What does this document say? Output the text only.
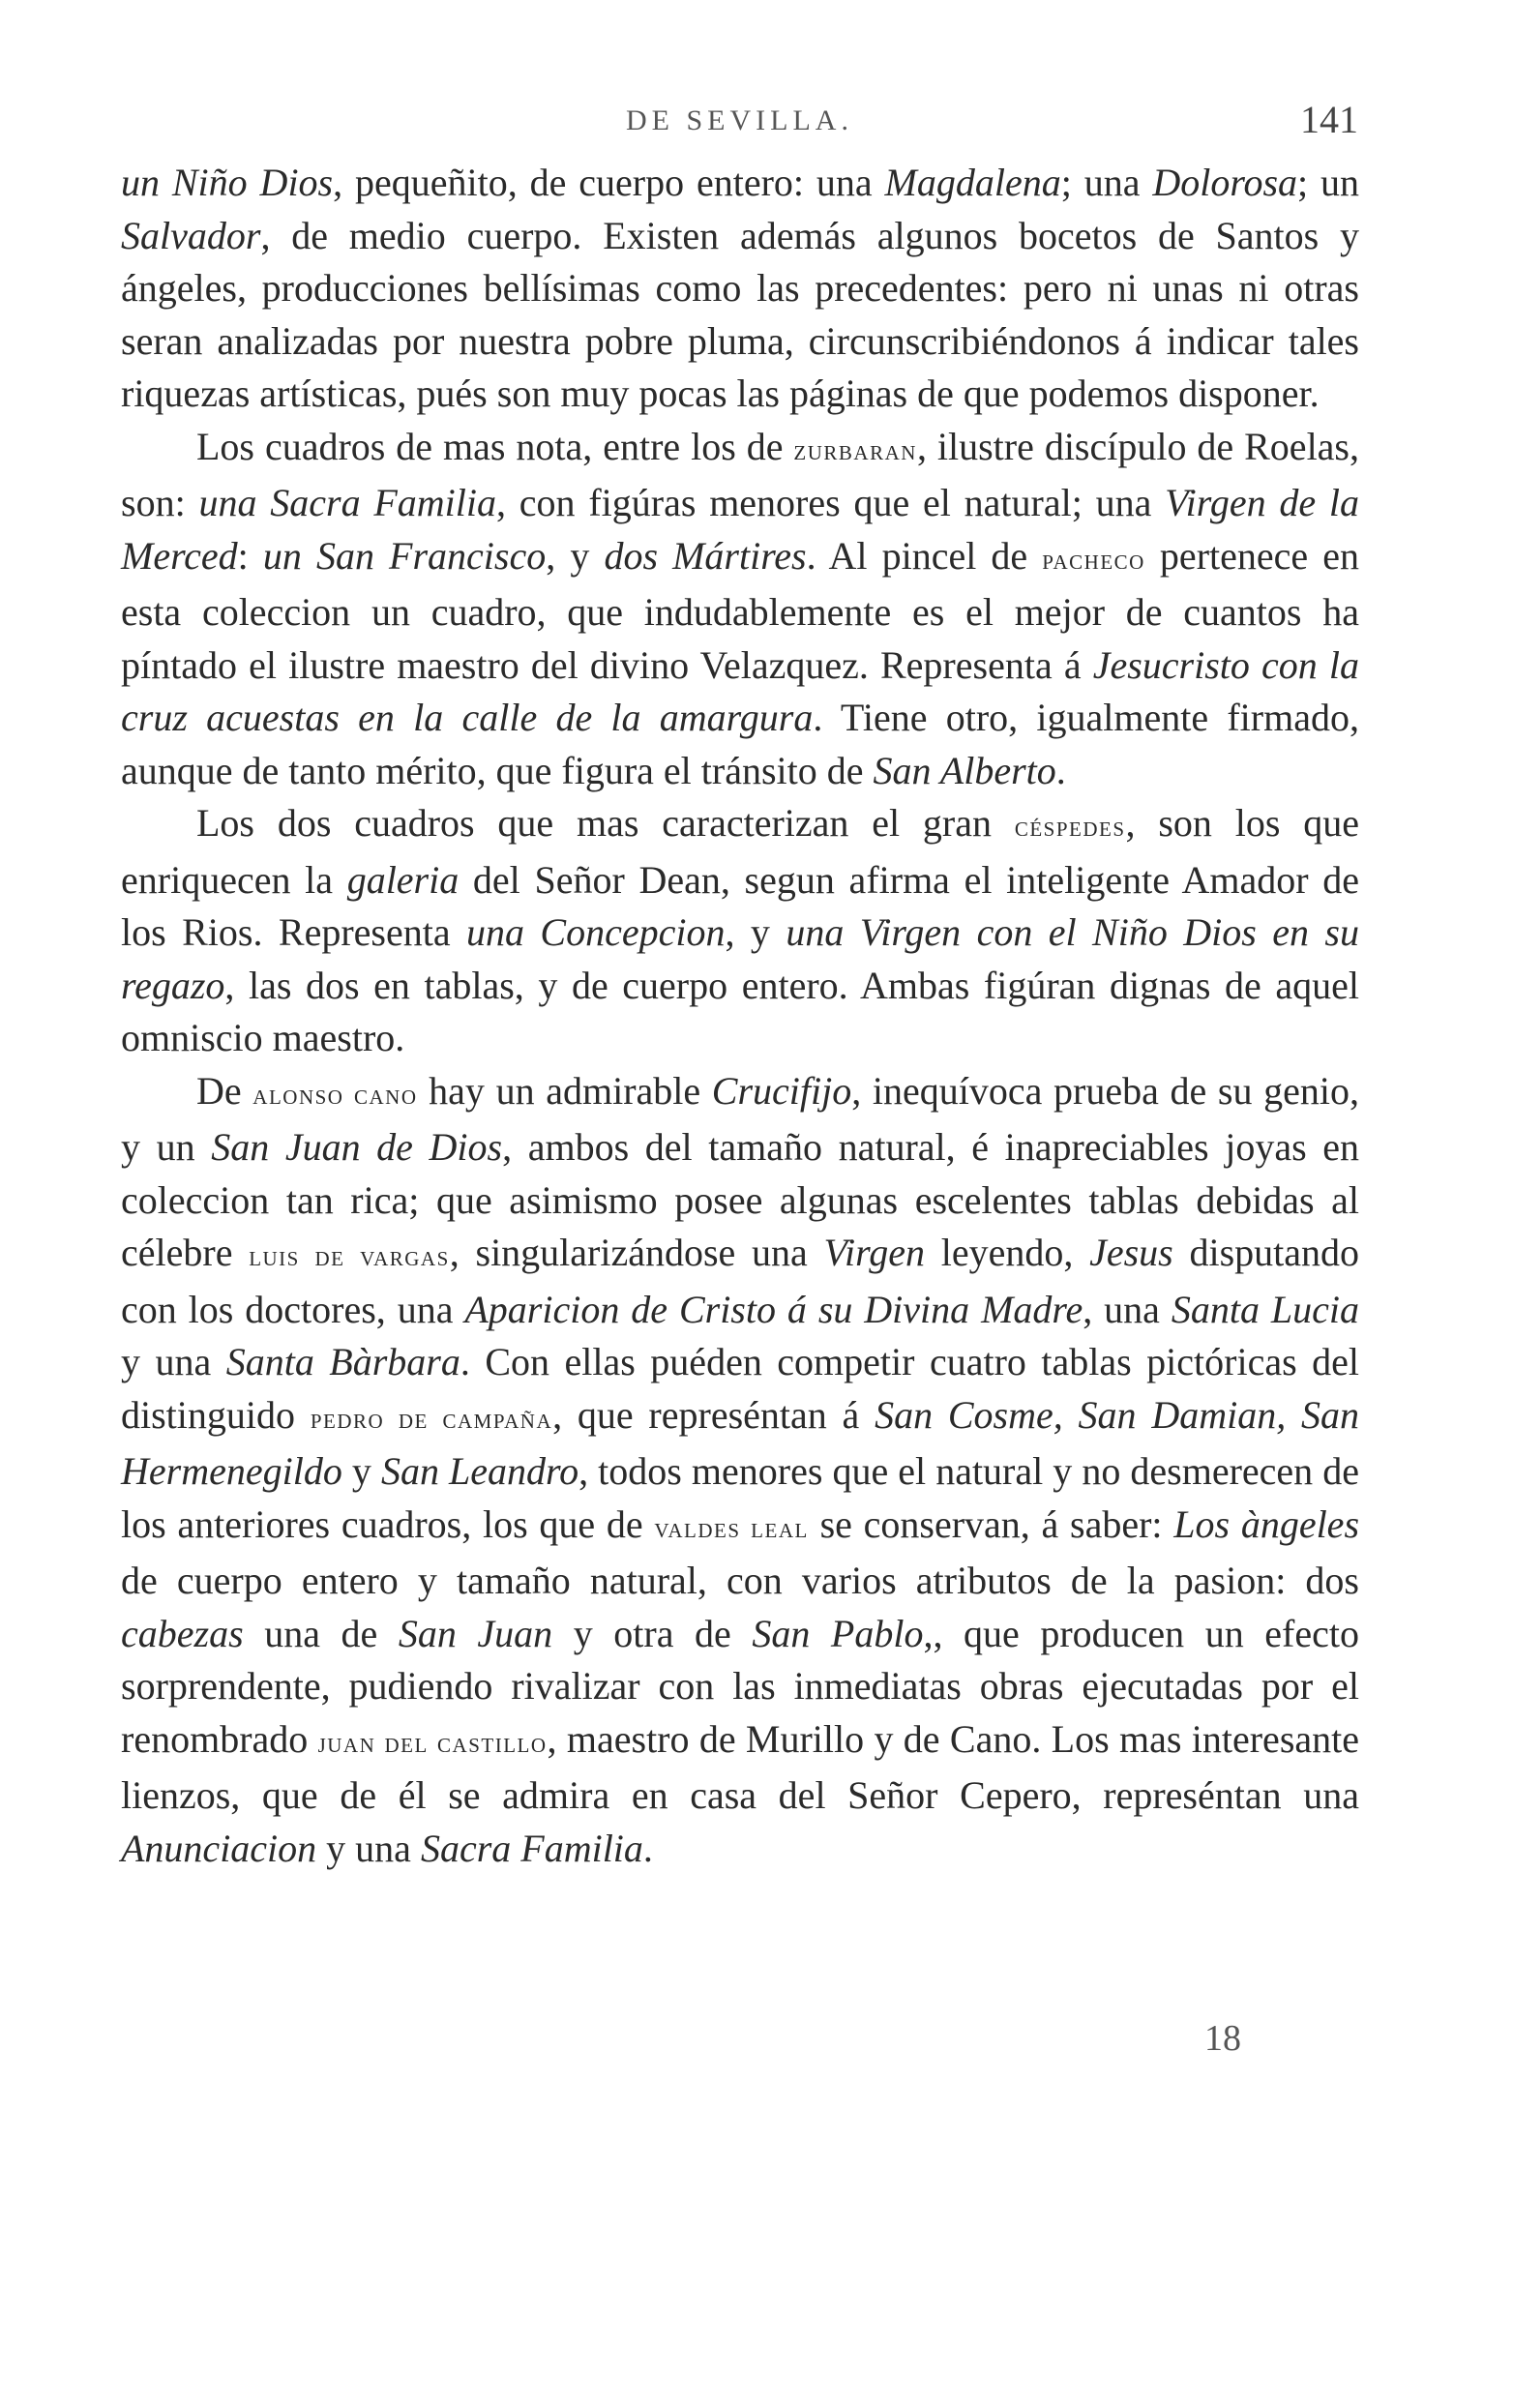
DE SEVILLA.	141

un Niño Dios, pequeñito, de cuerpo entero: una Magdalena; una Dolorosa; un Salvador, de medio cuerpo. Existen además algunos bocetos de Santos y ángeles, producciones bellísimas como las precedentes: pero ni unas ni otras seran analizadas por nuestra pobre pluma, circunscribiéndonos á indicar tales riquezas artísticas, pués son muy pocas las páginas de que podemos disponer.

Los cuadros de mas nota, entre los de zurbaran, ilustre discípulo de Roelas, son: una Sacra Familia, con figúras menores que el natural; una Virgen de la Merced: un San Francisco, y dos Mártires. Al pincel de pacheco pertenece en esta coleccion un cuadro, que indudablemente es el mejor de cuantos ha píntado el ilustre maestro del divino Velazquez. Representa á Jesucristo con la cruz acuestas en la calle de la amargura. Tiene otro, igualmente firmado, aunque de tanto mérito, que figura el tránsito de San Alberto.

Los dos cuadros que mas caracterizan el gran céspedes, son los que enriquecen la galeria del Señor Dean, segun afirma el inteligente Amador de los Rios. Representa una Concepcion, y una Virgen con el Niño Dios en su regazo, las dos en tablas, y de cuerpo entero. Ambas figúran dignas de aquel omniscio maestro.

De alonso cano hay un admirable Crucifijo, inequívoca prueba de su genio, y un San Juan de Dios, ambos del tamaño natural, é inapreciables joyas en coleccion tan rica; que asimismo posee algunas escelentes tablas debidas al célebre luis de vargas, singularizándose una Virgen leyendo, Jesus disputando con los doctores, una Aparicion de Cristo á su Divina Madre, una Santa Lucia y una Santa Bàrbara. Con ellas puéden competir cuatro tablas pictóricas del distinguido pedro de campaña, que represéntan á San Cosme, San Damian, San Hermenegildo y San Leandro, todos menores que el natural y no desmerecen de los anteriores cuadros, los que de valdes leal se conservan, á saber: Los àngeles de cuerpo entero y tamaño natural, con varios atributos de la pasion: dos cabezas una de San Juan y otra de San Pablo,, que producen un efecto sorprendente, pudiendo rivalizar con las inmediatas obras ejecutadas por el renombrado juan del castillo, maestro de Murillo y de Cano. Los mas interesante lienzos, que de él se admira en casa del Señor Cepero, represéntan una Anunciacion y una Sacra Familia.

18
